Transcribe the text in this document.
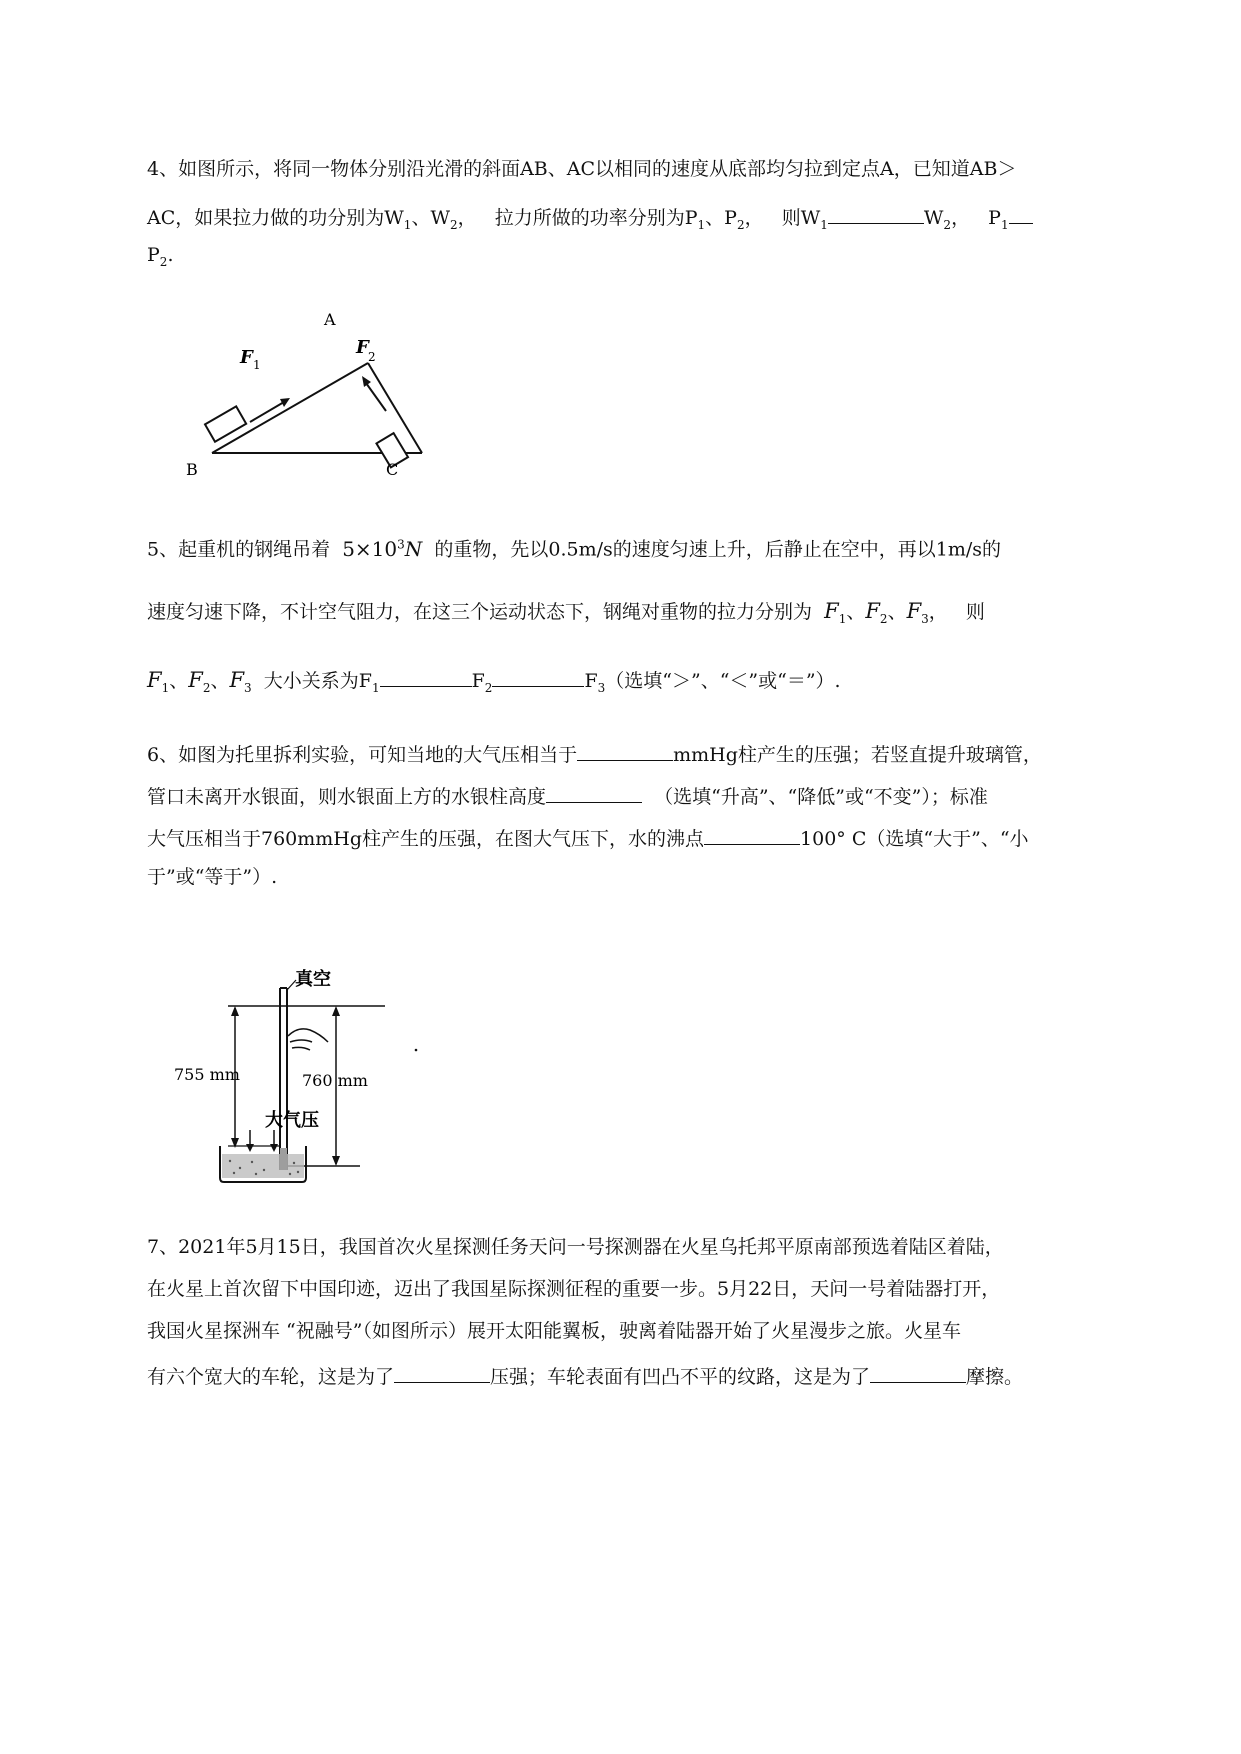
4、如图所示，将同一物体分别沿光滑的斜面AB、AC以相同的速度从底部均匀拉到定点A，已知道AB＞
AC，如果拉力做的功分别为$W_1$、$W_2$，   拉力所做的功率分别为$P_1$、$P_2$，   则$W_1$	$W_2$，   $P_1$
$P_2$.
A
B	C
F 1
F 2
5、起重机的钢绳吊着 $5\times 10^3N$ 的重物，先以0.5m/s的速度匀速上升，后静止在空中，再以1m/s的
速度匀速下降，不计空气阻力，在这三个运动状态下，钢绳对重物的拉力分别为 $F_1$、$F_2$、$F_3$，   则
$F_1$、$F_2$、$F_3$ 大小关系为$F_1$	$F_2$	$F_3$（选填“＞”、“＜”或“＝”）.
6、如图为托里拆利实验，可知当地的大气压相当于	mmHg柱产生的压强；若竖直提升玻璃管，
管口未离开水银面，则水银面上方的水银柱高度	（选填“升高”、“降低”或“不变”）；标准
大气压相当于760mmHg柱产生的压强，在图大气压下，水的沸点	100° C（选填“大于”、“小
于”或“等于”）.
真空
755 mm	760 mm
大气压
7、2021年5月15日，我国首次火星探测任务天问一号探测器在火星乌托邦平原南部预选着陆区着陆，
在火星上首次留下中国印迹，迈出了我国星际探测征程的重要一步。5月22日，天问一号着陆器打开，
我国火星探洲车 “祝融号”（如图所示）展开太阳能翼板，驶离着陆器开始了火星漫步之旅。火星车
有六个宽大的车轮，这是为了	压强；车轮表面有凹凸不平的纹路，这是为了	摩擦。
